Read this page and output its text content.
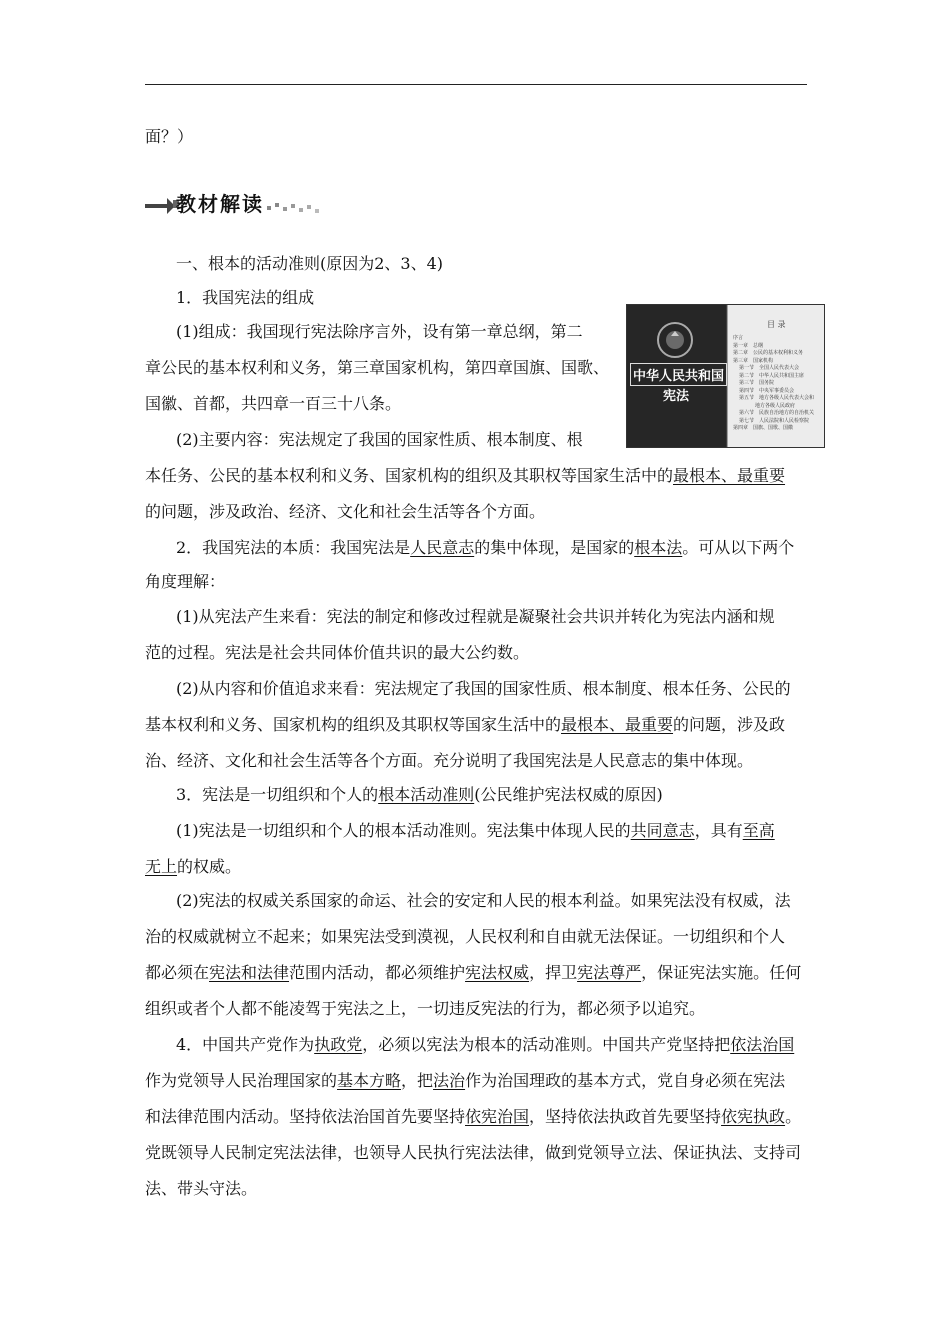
面？）
教材解读
一、根本的活动准则(原因为2、3、4)
1．我国宪法的组成
(1)组成：我国现行宪法除序言外，设有第一章总纲，第二
章公民的基本权利和义务，第三章国家机构，第四章国旗、国歌、
国徽、首都，共四章一百三十八条。
(2)主要内容：宪法规定了我国的国家性质、根本制度、根
本任务、公民的基本权利和义务、国家机构的组织及其职权等国家生活中的最根本、最重要
的问题，涉及政治、经济、文化和社会生活等各个方面。
2．我国宪法的本质：我国宪法是人民意志的集中体现，是国家的根本法。可从以下两个
角度理解：
(1)从宪法产生来看：宪法的制定和修改过程就是凝聚社会共识并转化为宪法内涵和规
范的过程。宪法是社会共同体价值共识的最大公约数。
(2)从内容和价值追求来看：宪法规定了我国的国家性质、根本制度、根本任务、公民的
基本权利和义务、国家机构的组织及其职权等国家生活中的最根本、最重要的问题，涉及政
治、经济、文化和社会生活等各个方面。充分说明了我国宪法是人民意志的集中体现。
3．宪法是一切组织和个人的根本活动准则(公民维护宪法权威的原因)
(1)宪法是一切组织和个人的根本活动准则。宪法集中体现人民的共同意志，具有至高
无上的权威。
(2)宪法的权威关系国家的命运、社会的安定和人民的根本利益。如果宪法没有权威，法
治的权威就树立不起来；如果宪法受到漠视，人民权利和自由就无法保证。一切组织和个人
都必须在宪法和法律范围内活动，都必须维护宪法权威，捍卫宪法尊严，保证宪法实施。任何
组织或者个人都不能凌驾于宪法之上，一切违反宪法的行为，都必须予以追究。
4．中国共产党作为执政党，必须以宪法为根本的活动准则。中国共产党坚持把依法治国
作为党领导人民治理国家的基本方略，把法治作为治国理政的基本方式，党自身必须在宪法
和法律范围内活动。坚持依法治国首先要坚持依宪治国，坚持依法执政首先要坚持依宪执政。
党既领导人民制定宪法法律，也领导人民执行宪法法律，做到党领导立法、保证执法、支持司
法、带头守法。
中华人民共和国
宪法
目 录
序言
第一章　总纲
第二章　公民的基本权利和义务
第三章　国家机构
第一节　全国人民代表大会
第二节　中华人民共和国主席
第三节　国务院
第四节　中央军事委员会
第五节　地方各级人民代表大会和
地方各级人民政府
第六节　民族自治地方的自治机关
第七节　人民法院和人民检察院
第四章　国旗、国歌、国徽
